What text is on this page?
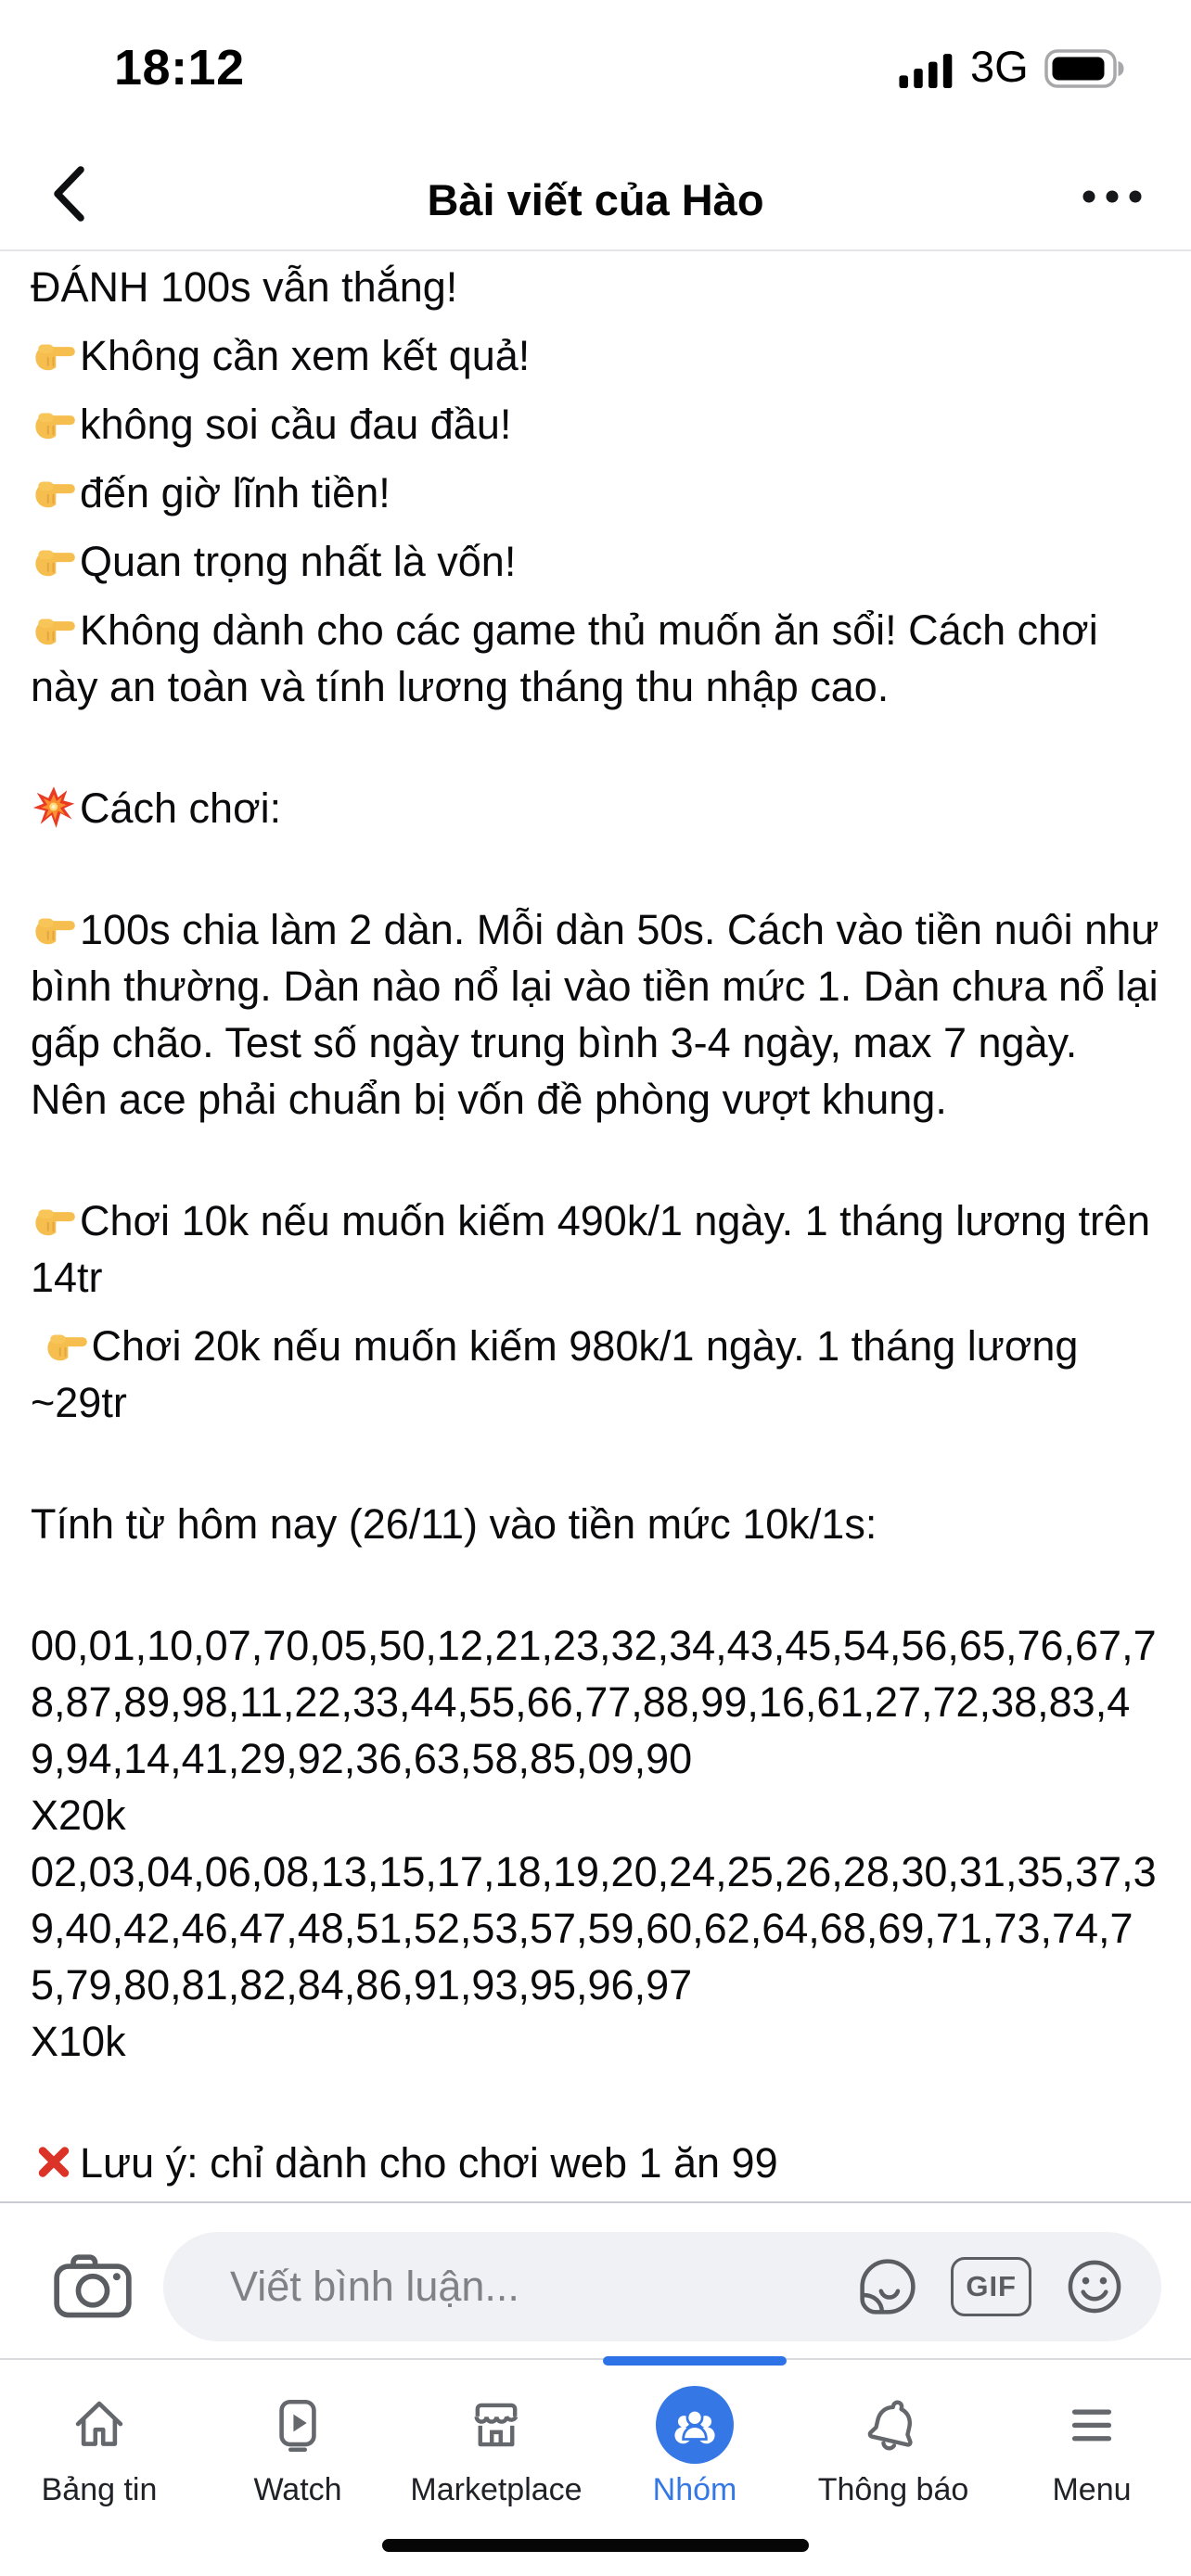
18:12	3G
Bài viết của Hào

ĐÁNH 100s vẫn thắng!

Không cần xem kết quả!

không soi cầu đau đầu!

đến giờ lĩnh tiền!

Quan trọng nhất là vốn!

Không dành cho các game thủ muốn ăn sổi! Cách chơi này an toàn và tính lương tháng thu nhập cao.

Cách chơi:

100s chia làm 2 dàn. Mỗi dàn 50s. Cách vào tiền nuôi như bình thường. Dàn nào nổ lại vào tiền mức 1. Dàn chưa nổ lại gấp chão. Test số ngày trung bình 3-4 ngày, max 7 ngày. Nên ace phải chuẩn bị vốn đề phòng vượt khung.

Chơi 10k nếu muốn kiếm 490k/1 ngày. 1 tháng lương trên 14tr

Chơi 20k nếu muốn kiếm 980k/1 ngày. 1 tháng lương ~29tr

Tính từ hôm nay (26/11) vào tiền mức 10k/1s:

00,01,10,07,70,05,50,12,21,23,32,34,43,45,54,56,65,76,67,78,87,89,98,11,22,33,44,55,66,77,88,99,16,61,27,72,38,83,49,94,14,41,29,92,36,63,58,85,09,90
X20k
02,03,04,06,08,13,15,17,18,19,20,24,25,26,28,30,31,35,37,39,40,42,46,47,48,51,52,53,57,59,60,62,64,68,69,71,73,74,75,79,80,81,82,84,86,91,93,95,96,97
X10k

Lưu ý: chỉ dành cho chơi web 1 ăn 99

Viết bình luận...	GIF
Bảng tin	Watch Marketplace Nhóm	Thông báo	Menu
